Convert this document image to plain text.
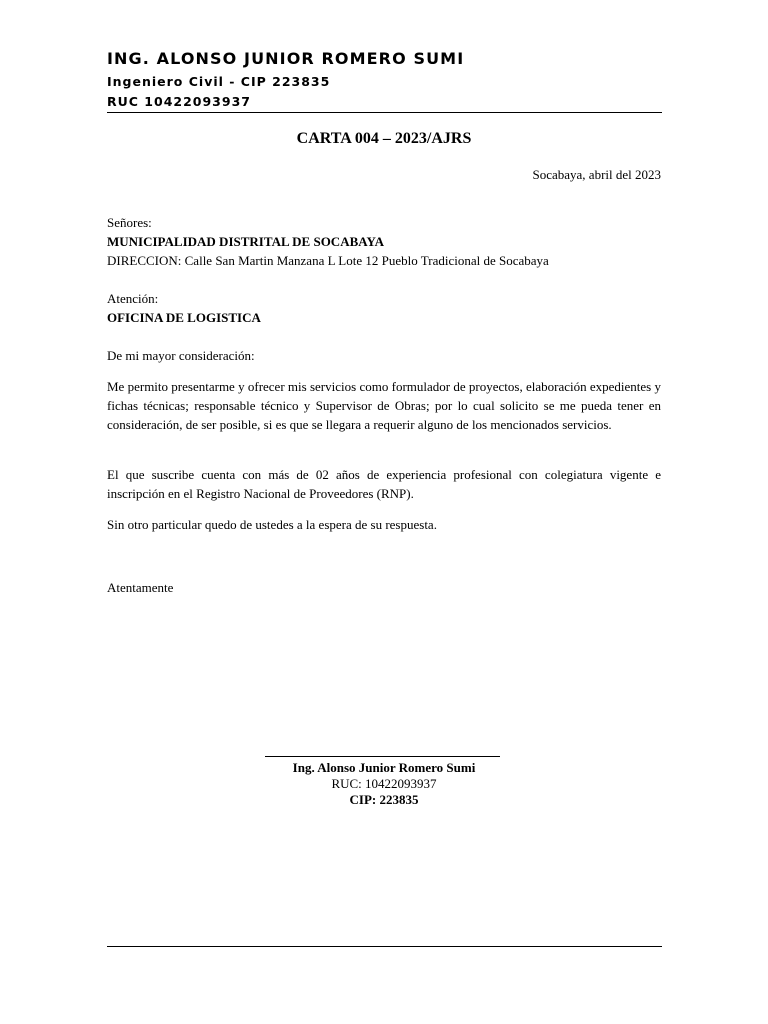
ING. ALONSO JUNIOR ROMERO SUMI
Ingeniero Civil - CIP 223835
RUC 10422093937
CARTA 004 – 2023/AJRS
Socabaya, abril del 2023
Señores:
MUNICIPALIDAD DISTRITAL DE SOCABAYA
DIRECCION: Calle San Martin Manzana L Lote 12 Pueblo Tradicional de Socabaya
Atención:
OFICINA DE LOGISTICA
De mi mayor consideración:
Me permito presentarme y ofrecer mis servicios como formulador de proyectos, elaboración expedientes y fichas técnicas; responsable técnico y Supervisor de Obras; por lo cual solicito se me pueda tener en consideración, de ser posible, si es que se llegara a requerir alguno de los mencionados servicios.
El que suscribe cuenta con más de 02 años de experiencia profesional con colegiatura vigente e inscripción en el Registro Nacional de Proveedores (RNP).
Sin otro particular quedo de ustedes a la espera de su respuesta.
Atentamente
Ing. Alonso Junior Romero Sumi
RUC: 10422093937
CIP: 223835
